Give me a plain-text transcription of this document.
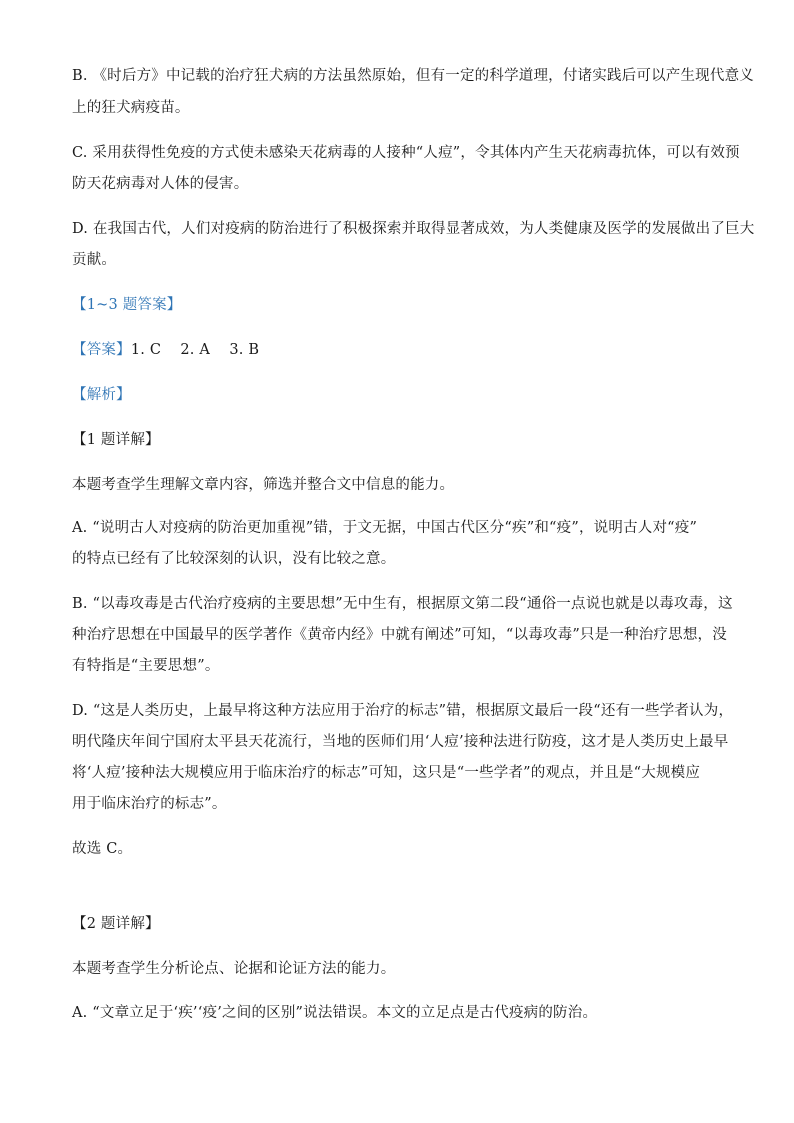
B. 《时后方》中记载的治疗狂犬病的方法虽然原始，但有一定的科学道理，付诸实践后可以产生现代意义
上的狂犬病疫苗。
C. 采用获得性免疫的方式使未感染天花病毒的人接种“人痘”，令其体内产生天花病毒抗体，可以有效预
防天花病毒对人体的侵害。
D. 在我国古代，人们对疫病的防治进行了积极探索并取得显著成效，为人类健康及医学的发展做出了巨大
贡献。
【1~3 题答案】
【答案】1. C    2. A    3. B
【解析】
【1 题详解】
本题考查学生理解文章内容，筛选并整合文中信息的能力。
A. “说明古人对疫病的防治更加重视”错，于文无据，中国古代区分“疾”和“疫”，说明古人对“疫”
的特点已经有了比较深刻的认识，没有比较之意。
B. “以毒攻毒是古代治疗疫病的主要思想”无中生有，根据原文第二段“通俗一点说也就是以毒攻毒，这
种治疗思想在中国最早的医学著作《黄帝内经》中就有阐述”可知，“以毒攻毒”只是一种治疗思想，没
有特指是“主要思想”。
D. “这是人类历史，上最早将这种方法应用于治疗的标志”错，根据原文最后一段“还有一些学者认为，
明代隆庆年间宁国府太平县天花流行，当地的医师们用‘人痘’接种法进行防疫，这才是人类历史上最早
将‘人痘’接种法大规模应用于临床治疗的标志”可知，这只是“一些学者”的观点，并且是“大规模应
用于临床治疗的标志”。
故选 C。
【2 题详解】
本题考查学生分析论点、论据和论证方法的能力。
A. “文章立足于‘疾’‘疫’之间的区别”说法错误。本文的立足点是古代疫病的防治。
